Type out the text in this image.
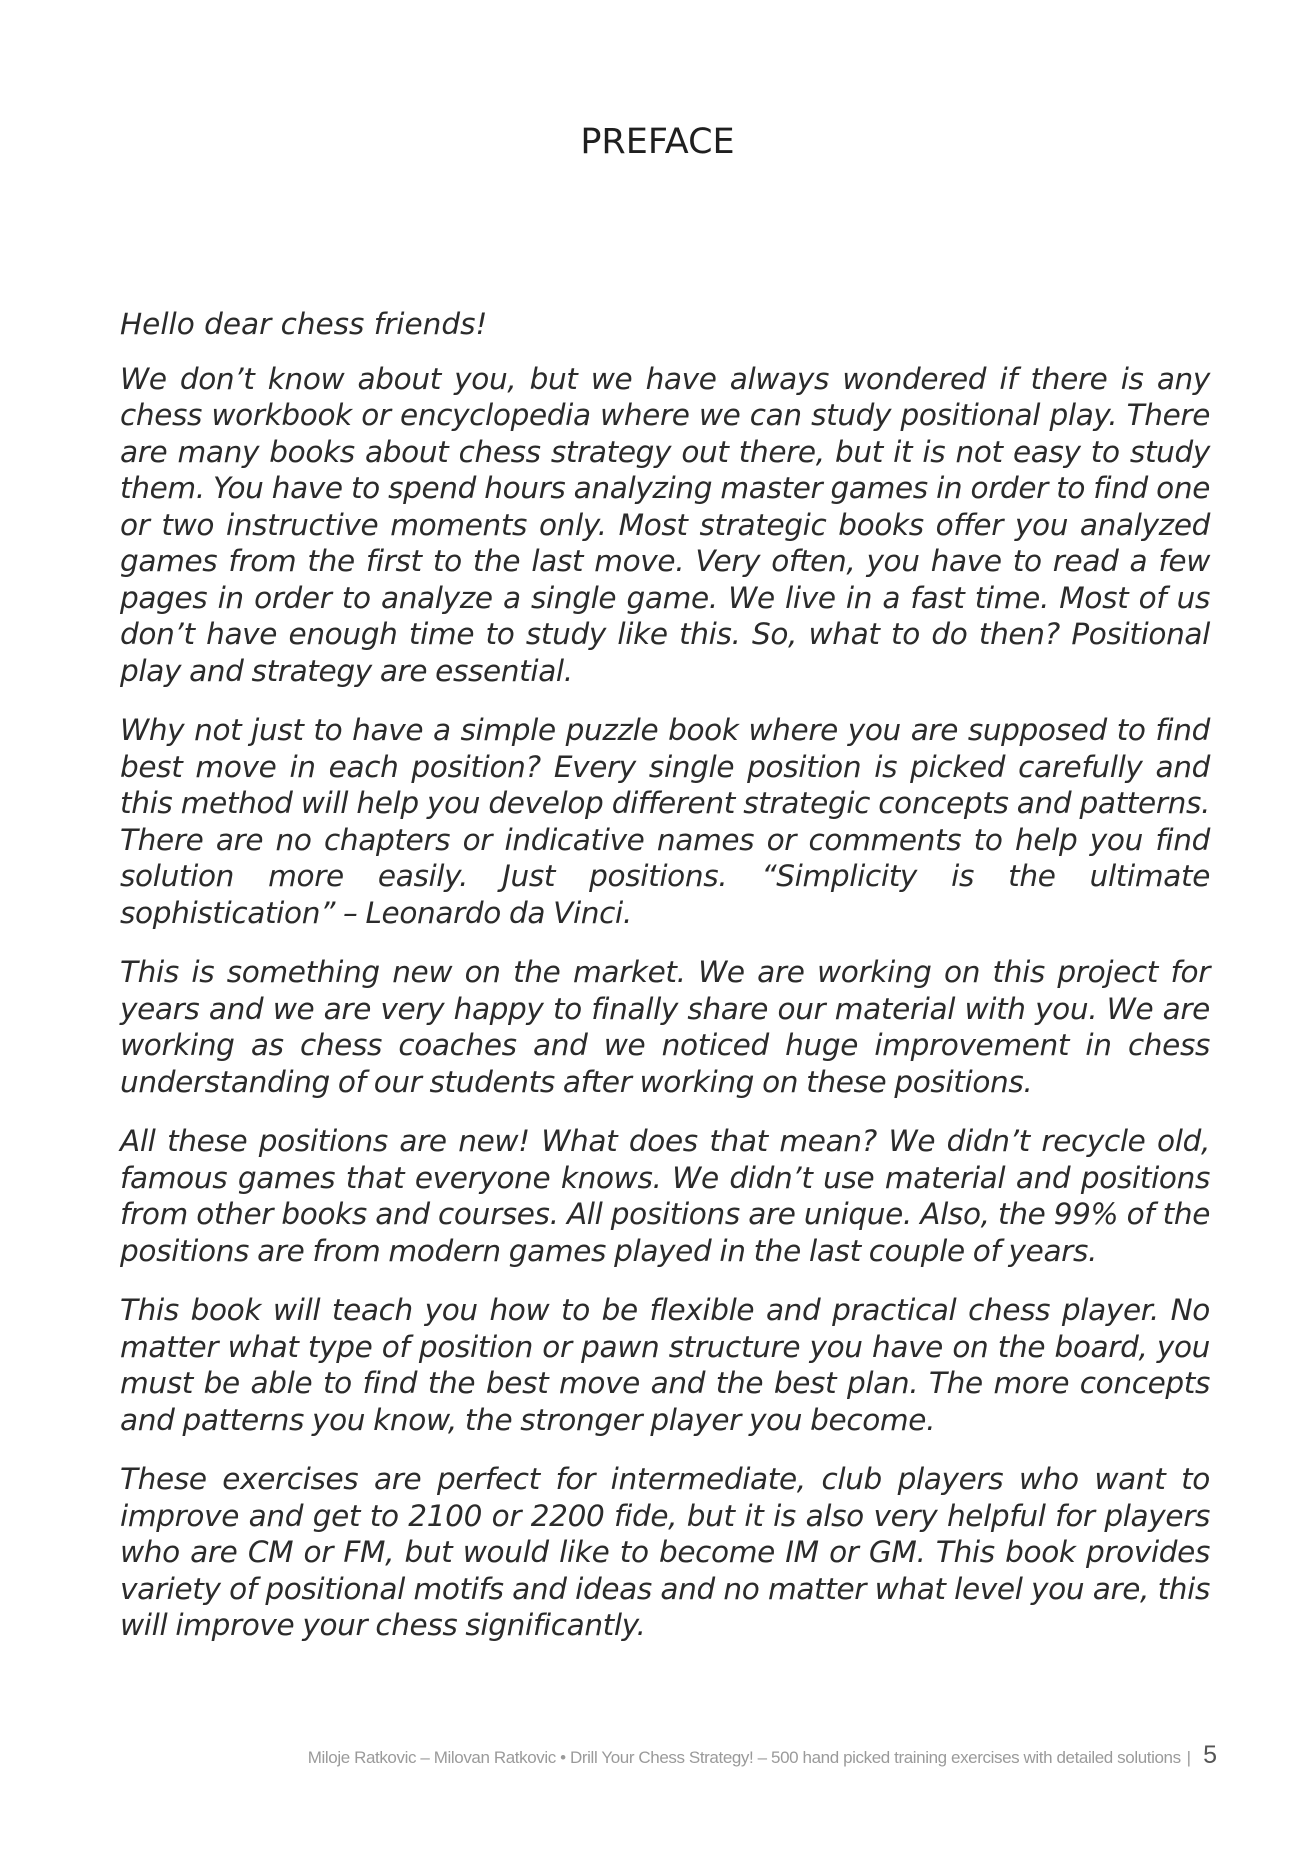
PREFACE

Hello dear chess friends!

We don’t know about you, but we have always wondered if there is any chess workbook or encyclopedia where we can study positional play. There are many books about chess strategy out there, but it is not easy to study them. You have to spend hours analyzing master games in order to find one or two instructive moments only. Most strategic books offer you analyzed games from the first to the last move. Very often, you have to read a few pages in order to analyze a single game. We live in a fast time. Most of us don’t have enough time to study like this. So, what to do then? Positional play and strategy are essential.

Why not just to have a simple puzzle book where you are supposed to find best move in each position? Every single position is picked carefully and this method will help you develop different strategic concepts and patterns. There are no chapters or indicative names or comments to help you find solution more easily. Just positions. “Simplicity is the ultimate sophistication” – Leonardo da Vinci.

This is something new on the market. We are working on this project for years and we are very happy to finally share our material with you. We are working as chess coaches and we noticed huge improvement in chess understanding of our students after working on these positions.

All these positions are new! What does that mean? We didn’t recycle old, famous games that everyone knows. We didn’t use material and positions from other books and courses. All positions are unique. Also, the 99% of the positions are from modern games played in the last couple of years.

This book will teach you how to be flexible and practical chess player. No matter what type of position or pawn structure you have on the board, you must be able to find the best move and the best plan. The more concepts and patterns you know, the stronger player you become.

These exercises are perfect for intermediate, club players who want to improve and get to 2100 or 2200 fide, but it is also very helpful for players who are CM or FM, but would like to become IM or GM. This book provides variety of positional motifs and ideas and no matter what level you are, this will improve your chess significantly.

Miloje Ratkovic – Milovan Ratkovic • Drill Your Chess Strategy! – 500 hand picked training exercises with detailed solutions | 5
